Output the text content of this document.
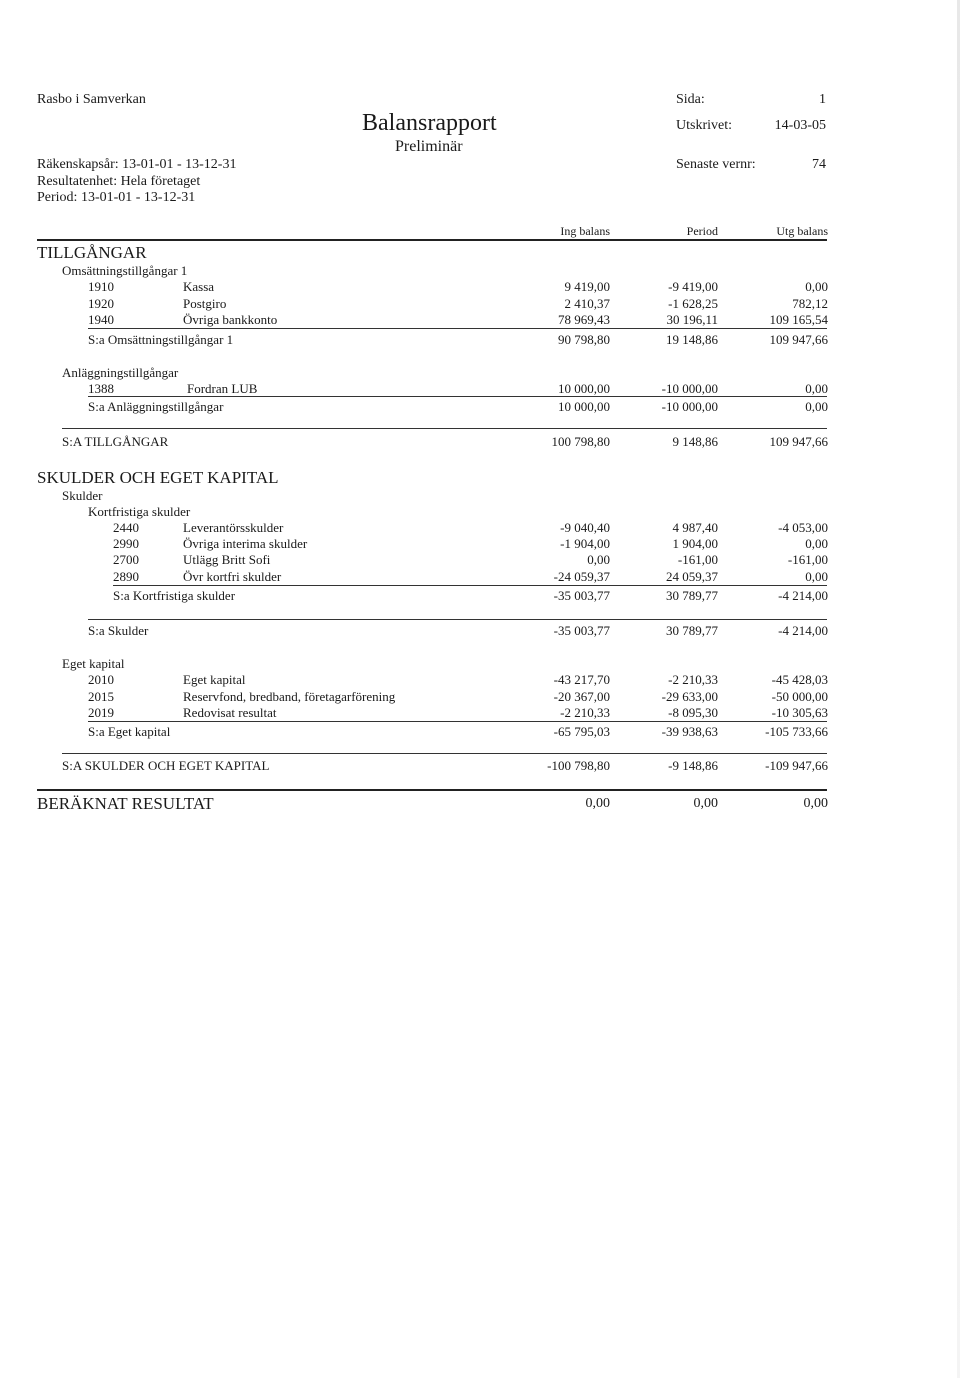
Rasbo i Samverkan
Balansrapport
Preliminär
Räkenskapsår: 13-01-01 - 13-12-31
Resultatenhet: Hela företaget
Period: 13-01-01 - 13-12-31
Sida:	1
Utskrivet:	14-03-05
Senaste vernr:	74
Ing balans	Period	Utg balans
TILLGÅNGAR
Omsättningstillgångar 1
1910	Kassa	9 419,00	-9 419,00	0,00
1920	Postgiro	2 410,37	-1 628,25	782,12
1940	Övriga bankkonto	78 969,43	30 196,11	109 165,54
S:a Omsättningstillgångar 1	90 798,80	19 148,86	109 947,66
Anläggningstillgångar
1388	Fordran LUB	10 000,00	-10 000,00	0,00
S:a Anläggningstillgångar	10 000,00	-10 000,00	0,00
S:A TILLGÅNGAR	100 798,80	9 148,86	109 947,66
SKULDER OCH EGET KAPITAL
Skulder
Kortfristiga skulder
2440	Leverantörsskulder	-9 040,40	4 987,40	-4 053,00
2990	Övriga interima skulder	-1 904,00	1 904,00	0,00
2700	Utlägg Britt Sofi	0,00	-161,00	-161,00
2890	Övr kortfri skulder	-24 059,37	24 059,37	0,00
S:a Kortfristiga skulder	-35 003,77	30 789,77	-4 214,00
S:a Skulder	-35 003,77	30 789,77	-4 214,00
Eget kapital
2010	Eget kapital	-43 217,70	-2 210,33	-45 428,03
2015	Reservfond, bredband, företagarförening	-20 367,00	-29 633,00	-50 000,00
2019	Redovisat resultat	-2 210,33	-8 095,30	-10 305,63
S:a Eget kapital	-65 795,03	-39 938,63	-105 733,66
S:A SKULDER OCH EGET KAPITAL	-100 798,80	-9 148,86	-109 947,66
BERÄKNAT RESULTAT	0,00	0,00	0,00
